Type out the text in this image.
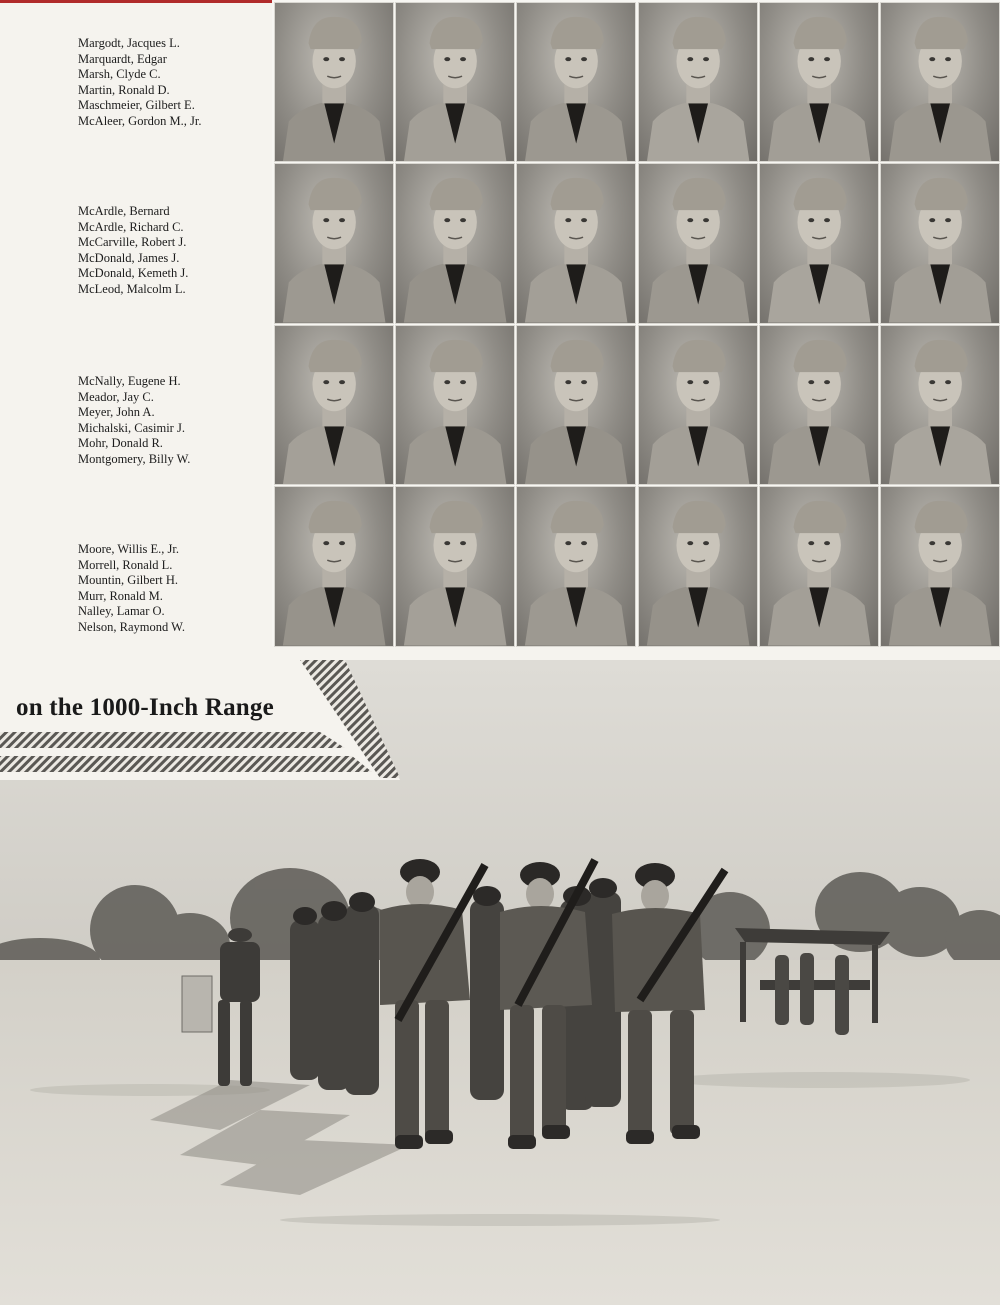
Margodt, Jacques L.
Marquardt, Edgar
Marsh, Clyde C.
Martin, Ronald D.
Maschmeier, Gilbert E.
McAleer, Gordon M., Jr.
McArdle, Bernard
McArdle, Richard C.
McCarville, Robert J.
McDonald, James J.
McDonald, Kemeth J.
McLeod, Malcolm L.
McNally, Eugene H.
Meador, Jay C.
Meyer, John A.
Michalski, Casimir J.
Mohr, Donald R.
Montgomery, Billy W.
Moore, Willis E., Jr.
Morrell, Ronald L.
Mountin, Gilbert H.
Murr, Ronald M.
Nalley, Lamar O.
Nelson, Raymond W.
on the 1000-Inch Range
